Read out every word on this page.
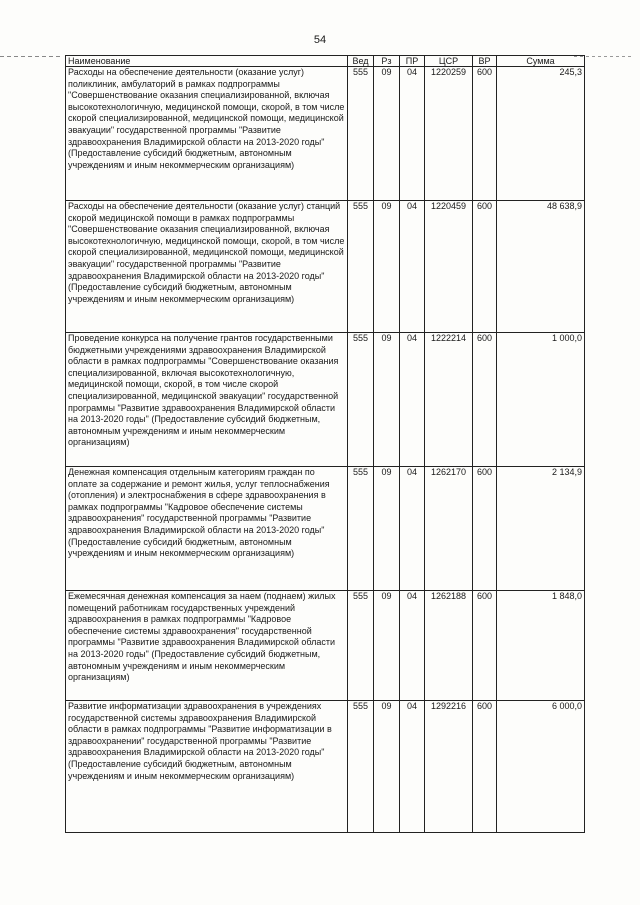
54
Наименование	Вед	Рз	ПР	ЦСР	ВР	Сумма
Расходы на обеспечение деятельности (оказание услуг) поликлиник, амбулаторий в рамках подпрограммы "Совершенствование оказания специализированной, включая высокотехнологичную, медицинской помощи, скорой, в том числе скорой специализированной, медицинской помощи, медицинской эвакуации" государственной программы "Развитие здравоохранения Владимирской области на 2013-2020 годы" (Предоставление субсидий бюджетным, автономным учреждениям и иным некоммерческим организациям)	555	09	04	1220259	600	245,3
Расходы на обеспечение деятельности (оказание услуг) станций скорой медицинской помощи в рамках подпрограммы "Совершенствование оказания специализированной, включая высокотехнологичную, медицинской помощи, скорой, в том числе скорой специализированной, медицинской помощи, медицинской эвакуации" государственной программы "Развитие здравоохранения Владимирской области на 2013-2020 годы" (Предоставление субсидий бюджетным, автономным учреждениям и иным некоммерческим организациям)	555	09	04	1220459	600	48 638,9
Проведение конкурса на получение грантов государственными бюджетными учреждениями здравоохранения Владимирской области в рамках подпрограммы "Совершенствование оказания специализированной, включая высокотехнологичную, медицинской помощи, скорой, в том числе скорой специализированной, медицинской эвакуации" государственной программы "Развитие здравоохранения Владимирской области на 2013-2020 годы" (Предоставление субсидий бюджетным, автономным учреждениям и иным некоммерческим организациям)	555	09	04	1222214	600	1 000,0
Денежная компенсация отдельным категориям граждан по оплате за содержание и ремонт жилья, услуг теплоснабжения (отопления) и электроснабжения в сфере здравоохранения в рамках подпрограммы "Кадровое обеспечение системы здравоохранения" государственной программы "Развитие здравоохранения Владимирской области на 2013-2020 годы" (Предоставление субсидий бюджетным, автономным учреждениям и иным некоммерческим организациям)	555	09	04	1262170	600	2 134,9
Ежемесячная денежная компенсация за наем (поднаем) жилых помещений работникам государственных учреждений здравоохранения в рамках подпрограммы "Кадровое обеспечение системы здравоохранения" государственной программы "Развитие здравоохранения Владимирской области на 2013-2020 годы" (Предоставление субсидий бюджетным, автономным учреждениям и иным некоммерческим организациям)	555	09	04	1262188	600	1 848,0
Развитие информатизации здравоохранения в учреждениях государственной системы здравоохранения Владимирской области в рамках подпрограммы "Развитие информатизации в здравоохранении" государственной программы "Развитие здравоохранения Владимирской области на 2013-2020 годы" (Предоставление субсидий бюджетным, автономным учреждениям и иным некоммерческим организациям)	555	09	04	1292216	600	6 000,0
